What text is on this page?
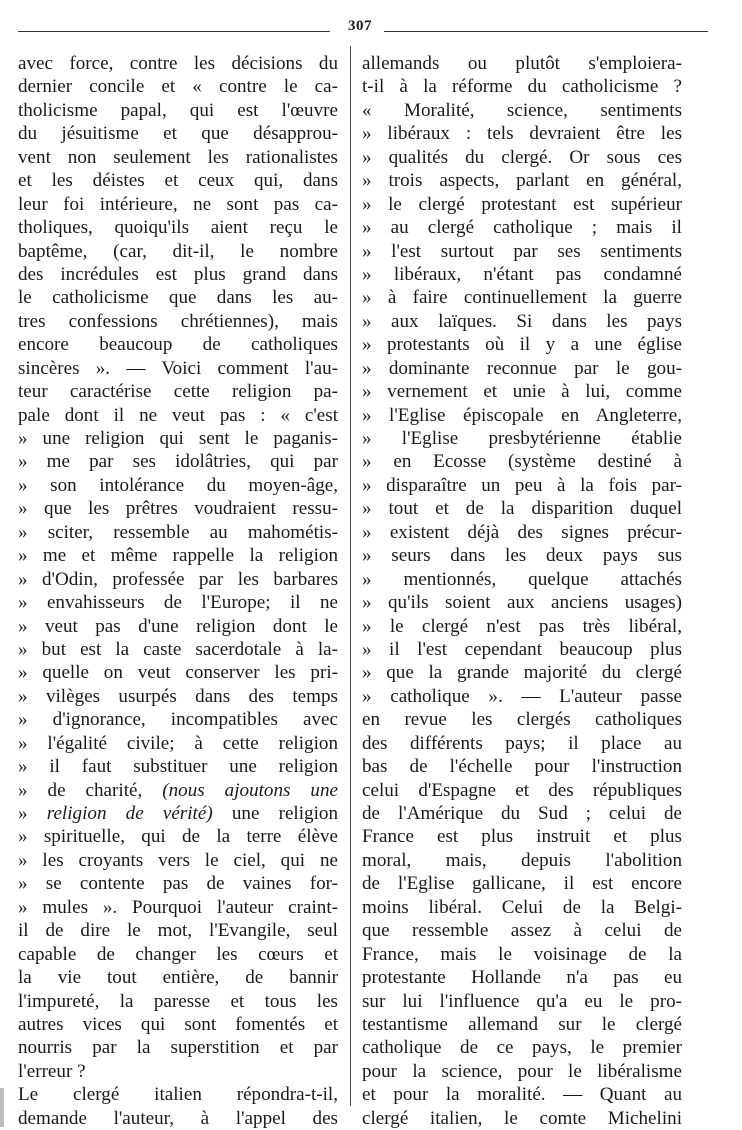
307
avec force, contre les décisions du
dernier concile et « contre le ca-
tholicisme papal, qui est l'œuvre
du jésuitisme et que désapprou-
vent non seulement les rationalistes
et les déistes et ceux qui, dans
leur foi intérieure, ne sont pas ca-
tholiques, quoiqu'ils aient reçu le
baptême, (car, dit-il, le nombre
des incrédules est plus grand dans
le catholicisme que dans les au-
tres confessions chrétiennes), mais
encore beaucoup de catholiques
sincères ». — Voici comment l'au-
teur caractérise cette religion pa-
pale dont il ne veut pas : « c'est
» une religion qui sent le paganis-
» me par ses idolâtries, qui par
» son intolérance du moyen-âge,
» que les prêtres voudraient ressu-
» sciter, ressemble au mahométis-
» me et même rappelle la religion
» d'Odin, professée par les barbares
» envahisseurs de l'Europe; il ne
» veut pas d'une religion dont le
» but est la caste sacerdotale à la-
» quelle on veut conserver les pri-
» vilèges usurpés dans des temps
» d'ignorance, incompatibles avec
» l'égalité civile; à cette religion
» il faut substituer une religion
» de charité, (nous ajoutons une
» religion de vérité) une religion
» spirituelle, qui de la terre élève
» les croyants vers le ciel, qui ne
» se contente pas de vaines for-
» mules ». Pourquoi l'auteur craint-
il de dire le mot, l'Evangile, seul
capable de changer les cœurs et
la vie tout entière, de bannir
l'impureté, la paresse et tous les
autres vices qui sont fomentés et
nourris par la superstition et par
l'erreur ?
Le clergé italien répondra-t-il,
demande l'auteur, à l'appel des
allemands ou plutôt s'emploiera-
t-il à la réforme du catholicisme ?
« Moralité, science, sentiments
» libéraux : tels devraient être les
» qualités du clergé. Or sous ces
» trois aspects, parlant en général,
» le clergé protestant est supérieur
» au clergé catholique ; mais il
» l'est surtout par ses sentiments
» libéraux, n'étant pas condamné
» à faire continuellement la guerre
» aux laïques. Si dans les pays
» protestants où il y a une église
» dominante reconnue par le gou-
» vernement et unie à lui, comme
» l'Eglise épiscopale en Angleterre,
» l'Eglise presbytérienne établie
» en Ecosse (système destiné à
» disparaître un peu à la fois par-
» tout et de la disparition duquel
» existent déjà des signes précur-
» seurs dans les deux pays sus
» mentionnés, quelque attachés
» qu'ils soient aux anciens usages)
» le clergé n'est pas très libéral,
» il l'est cependant beaucoup plus
» que la grande majorité du clergé
» catholique ». — L'auteur passe
en revue les clergés catholiques
des différents pays; il place au
bas de l'échelle pour l'instruction
celui d'Espagne et des républiques
de l'Amérique du Sud ; celui de
France est plus instruit et plus
moral, mais, depuis l'abolition
de l'Eglise gallicane, il est encore
moins libéral. Celui de la Belgi-
que ressemble assez à celui de
France, mais le voisinage de la
protestante Hollande n'a pas eu
sur lui l'influence qu'a eu le pro-
testantisme allemand sur le clergé
catholique de ce pays, le premier
pour la science, pour le libéralisme
et pour la moralité. — Quant au
clergé italien, le comte Michelini
